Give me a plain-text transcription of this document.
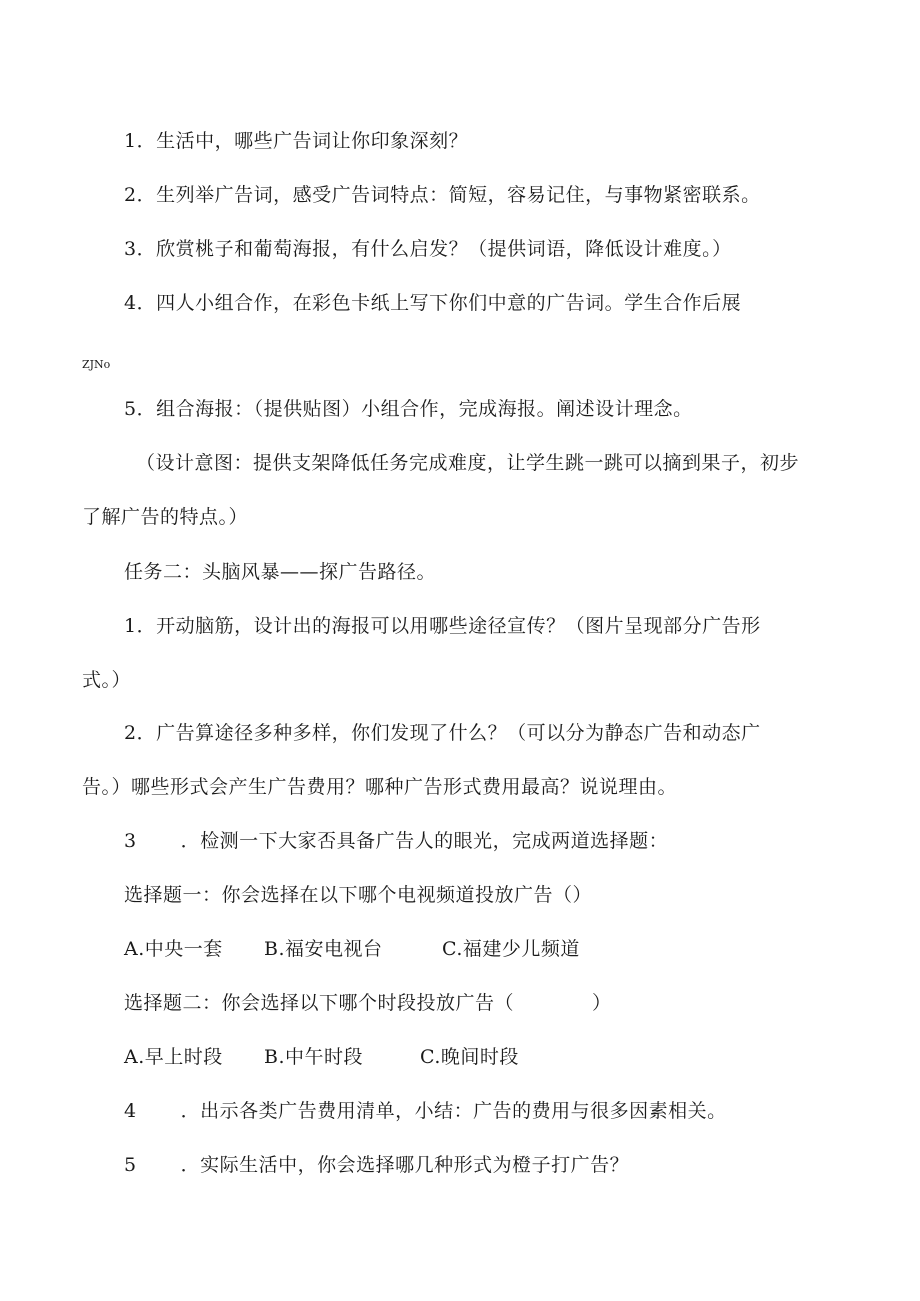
1．生活中，哪些广告词让你印象深刻？
2．生列举广告词，感受广告词特点：简短，容易记住，与事物紧密联系。
3．欣赏桃子和葡萄海报，有什么启发？（提供词语，降低设计难度。）
4．四人小组合作，在彩色卡纸上写下你们中意的广告词。学生合作后展
ZJNo
5．组合海报：（提供贴图）小组合作，完成海报。阐述设计理念。
（设计意图：提供支架降低任务完成难度，让学生跳一跳可以摘到果子，初步
了解广告的特点。）
任务二：头脑风暴——探广告路径。
1．开动脑筋，设计出的海报可以用哪些途径宣传？（图片呈现部分广告形
式。）
2．广告算途径多种多样，你们发现了什么？（可以分为静态广告和动态广
告。）哪些形式会产生广告费用？哪种广告形式费用最高？说说理由。
3 ．检测一下大家否具备广告人的眼光，完成两道选择题：
选择题一：你会选择在以下哪个电视频道投放广告（）
A.中央一套 B.福安电视台	C.福建少儿频道
选择题二：你会选择以下哪个时段投放广告（　　　　）
A.早上时段 B.中午时段	C.晚间时段
4 ．出示各类广告费用清单，小结：广告的费用与很多因素相关。
5 ．实际生活中，你会选择哪几种形式为橙子打广告？
